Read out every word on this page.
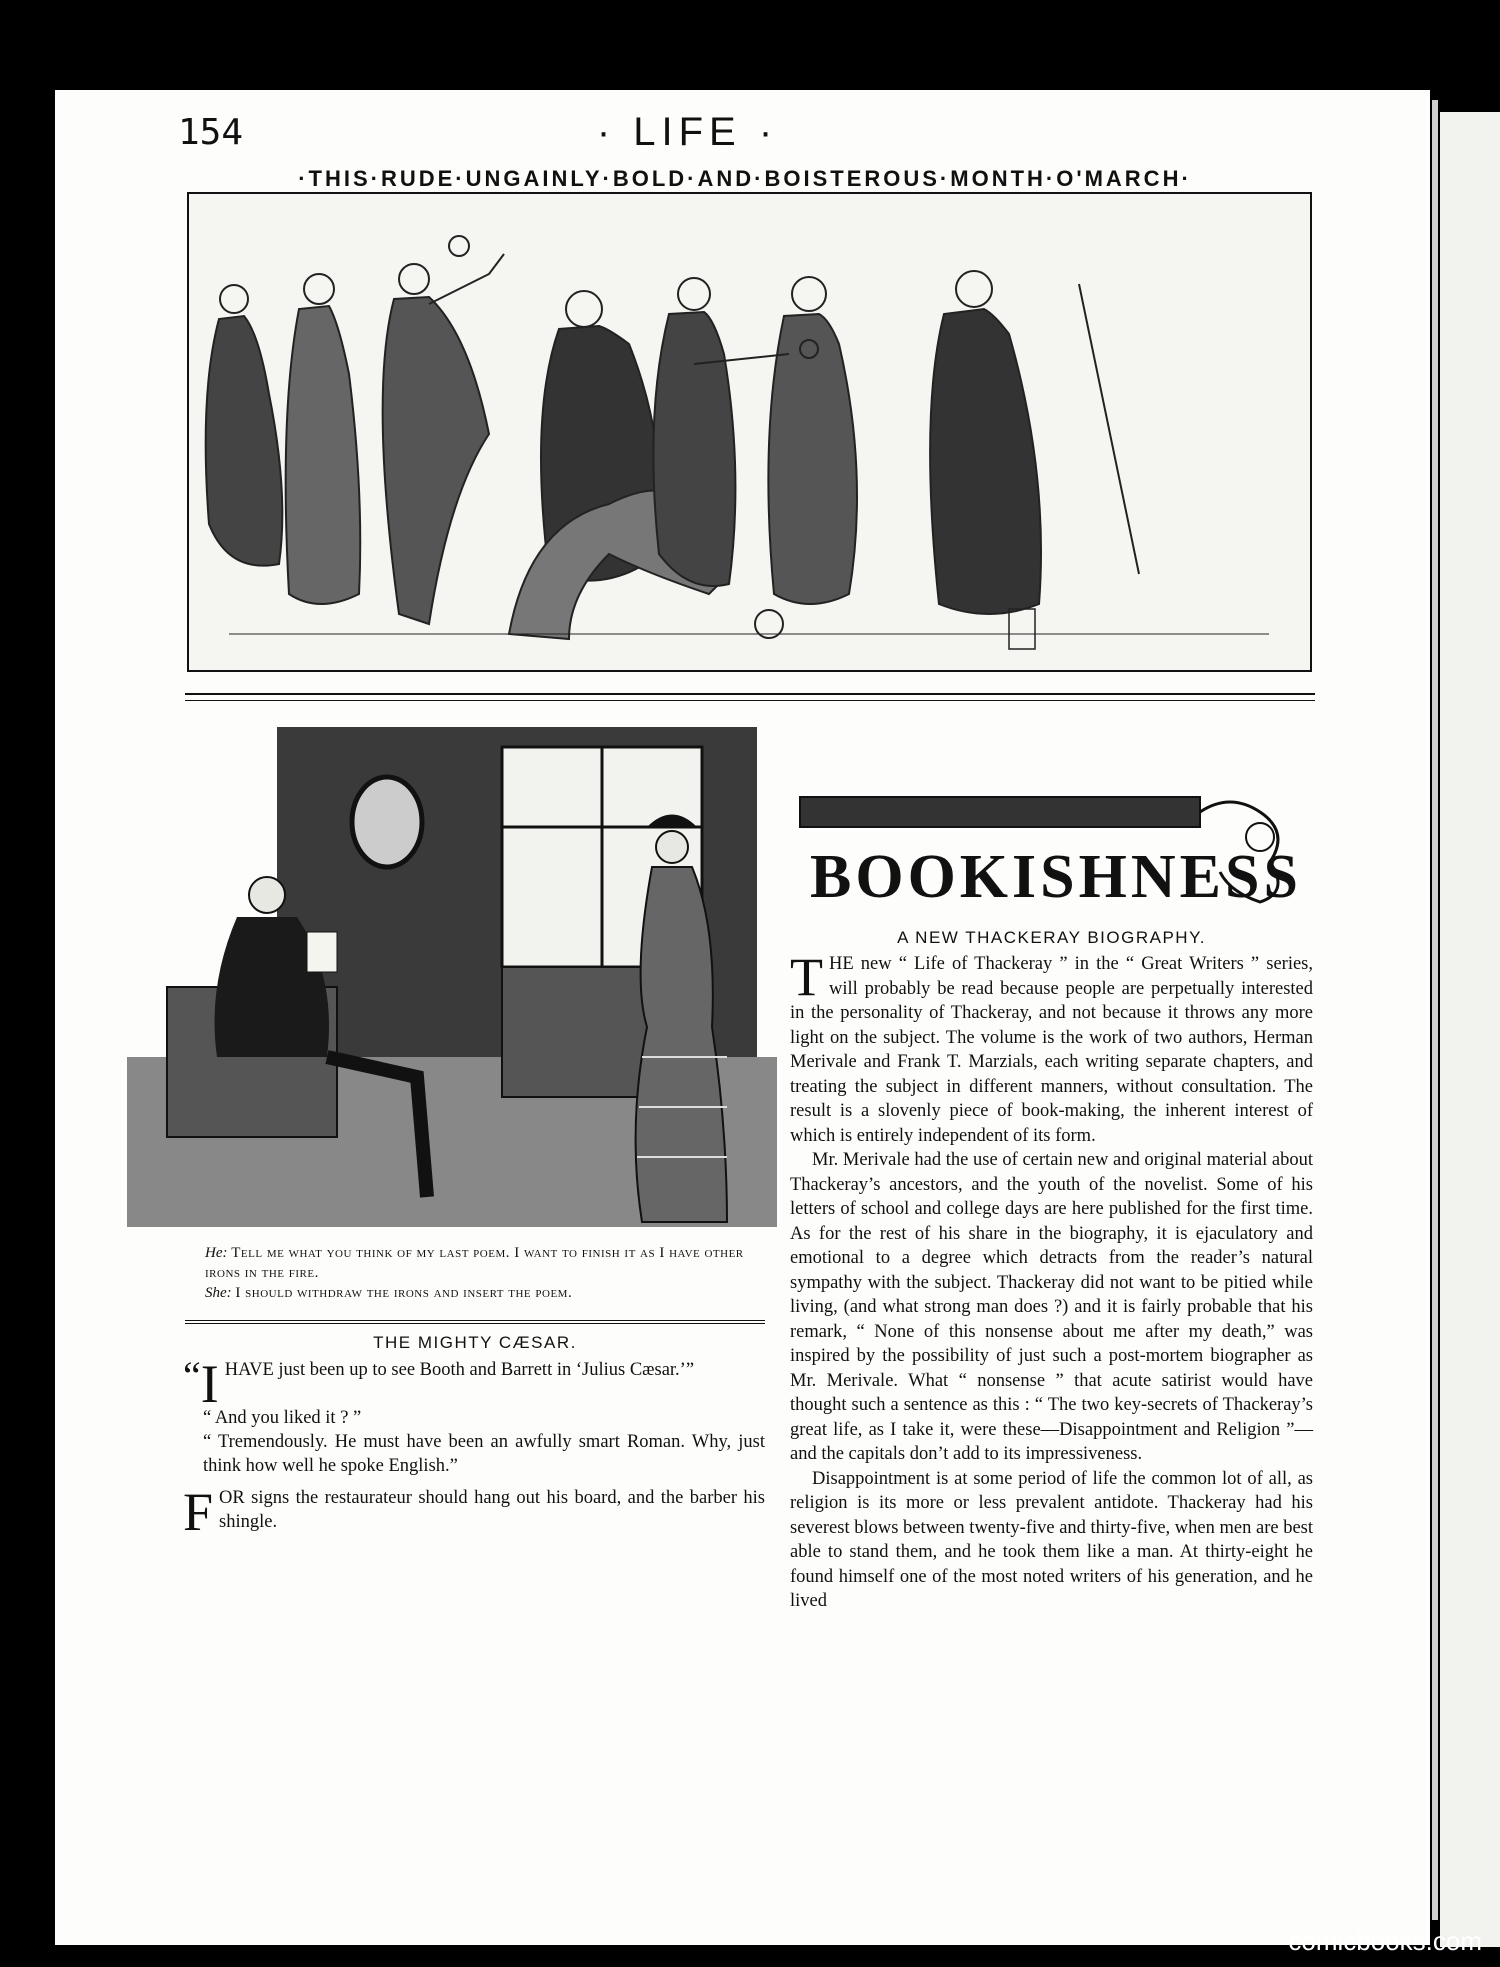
154	· LIFE ·
·THIS·RUDE·UNGAINLY·BOLD·AND·BOISTEROUS·MONTH·O'MARCH·

He: Tell me what you think of my last poem. I want to finish it as I have other irons in the fire.

She: I should withdraw the irons and insert the poem.

THE MIGHTY CÆSAR.

“ I HAVE just been up to see Booth and Barrett in ‘Julius Cæsar.’”

“ And you liked it ? ”

“ Tremendously. He must have been an awfully smart Roman. Why, just think how well he spoke English.”

FOR signs the restaurateur should hang out his board, and the barber his shingle.
BOOKISHNESS
A NEW THACKERAY BIOGRAPHY.

THE new “ Life of Thackeray ” in the “ Great Writers ” series, will probably be read because people are perpetually interested in the personality of Thackeray, and not because it throws any more light on the subject. The volume is the work of two authors, Herman Merivale and Frank T. Marzials, each writing separate chapters, and treating the subject in different manners, without consultation. The result is a slovenly piece of book-making, the inherent interest of which is entirely independent of its form.

Mr. Merivale had the use of certain new and original material about Thackeray’s ancestors, and the youth of the novelist. Some of his letters of school and college days are here published for the first time. As for the rest of his share in the biography, it is ejaculatory and emotional to a degree which detracts from the reader’s natural sympathy with the subject. Thackeray did not want to be pitied while living, (and what strong man does ?) and it is fairly probable that his remark, “ None of this nonsense about me after my death,” was inspired by the possibility of just such a post-mortem biographer as Mr. Merivale. What “ nonsense ” that acute satirist would have thought such a sentence as this : “ The two key-secrets of Thackeray’s great life, as I take it, were these—Disappointment and Religion ”—and the capitals don’t add to its impressiveness.

Disappointment is at some period of life the common lot of all, as religion is its more or less prevalent antidote. Thackeray had his severest blows between twenty-five and thirty-five, when men are best able to stand them, and he took them like a man. At thirty-eight he found himself one of the most noted writers of his generation, and he lived

comicbooks.com
